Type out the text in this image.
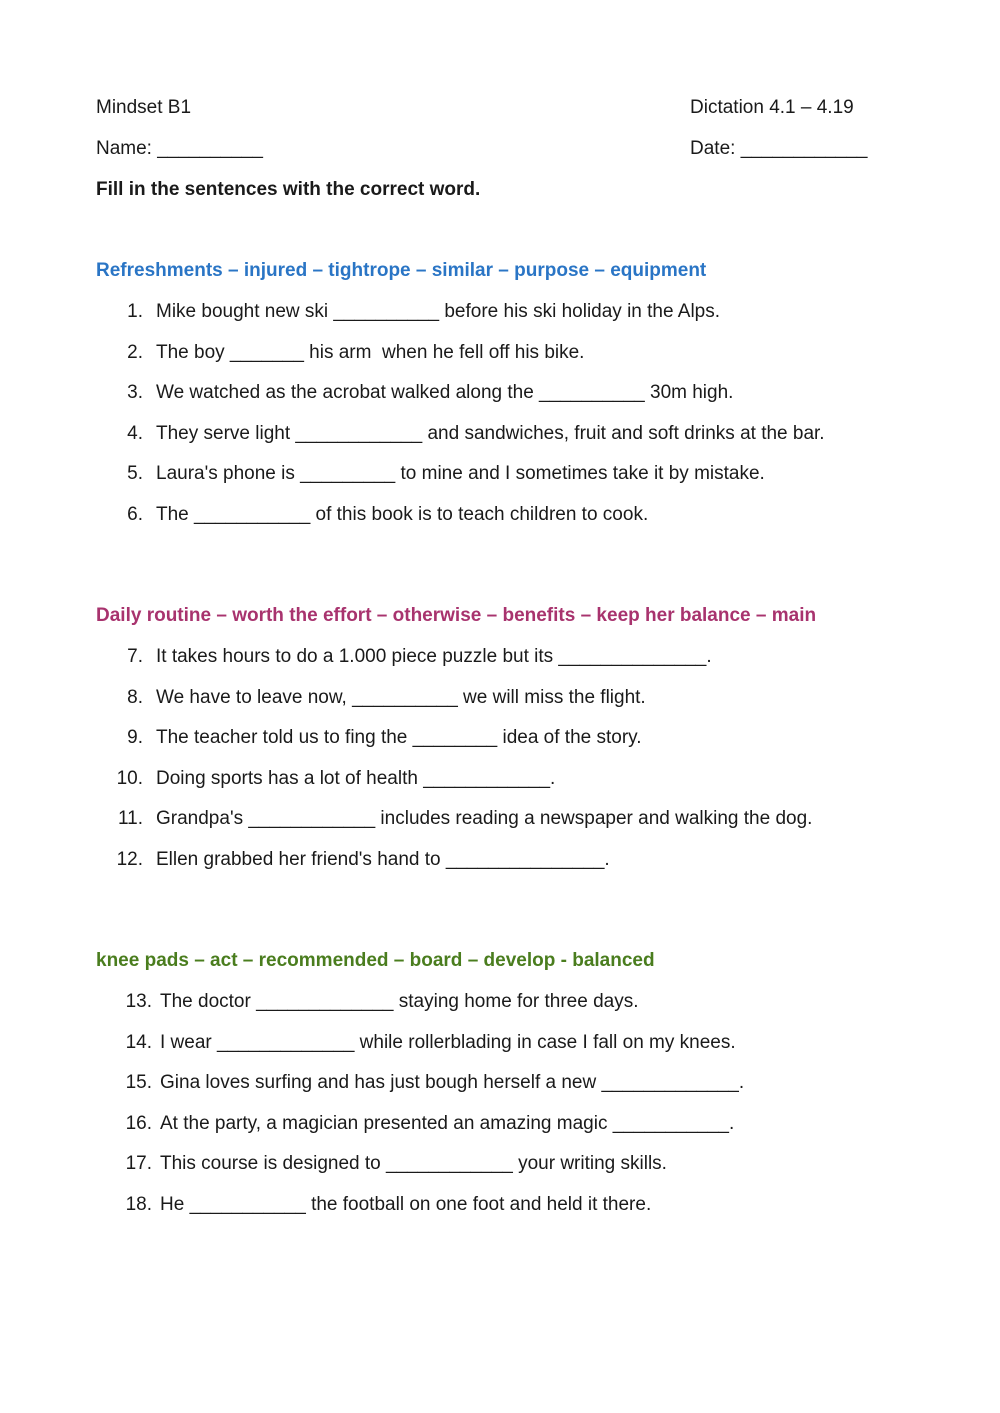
Mindset B1	Dictation 4.1 – 4.19
Name: __________	Date: ____________
Fill in the sentences with the correct word.
Refreshments – injured – tightrope – similar – purpose – equipment
1. Mike bought new ski __________ before his ski holiday in the Alps.
2. The boy _______ his arm  when he fell off his bike.
3. We watched as the acrobat walked along the __________ 30m high.
4. They serve light ____________ and sandwiches, fruit and soft drinks at the bar.
5. Laura's phone is _________ to mine and I sometimes take it by mistake.
6. The ___________ of this book is to teach children to cook.
Daily routine – worth the effort – otherwise – benefits – keep her balance – main
7. It takes hours to do a 1.000 piece puzzle but its ______________.
8. We have to leave now, __________ we will miss the flight.
9. The teacher told us to fing the ________ idea of the story.
10. Doing sports has a lot of health ____________.
11. Grandpa's ____________ includes reading a newspaper and walking the dog.
12. Ellen grabbed her friend's hand to _______________.
knee pads – act – recommended – board – develop - balanced
13. The doctor _____________ staying home for three days.
14. I wear _____________ while rollerblading in case I fall on my knees.
15. Gina loves surfing and has just bough herself a new _____________.
16. At the party, a magician presented an amazing magic ___________.
17. This course is designed to ____________ your writing skills.
18. He ___________ the football on one foot and held it there.
